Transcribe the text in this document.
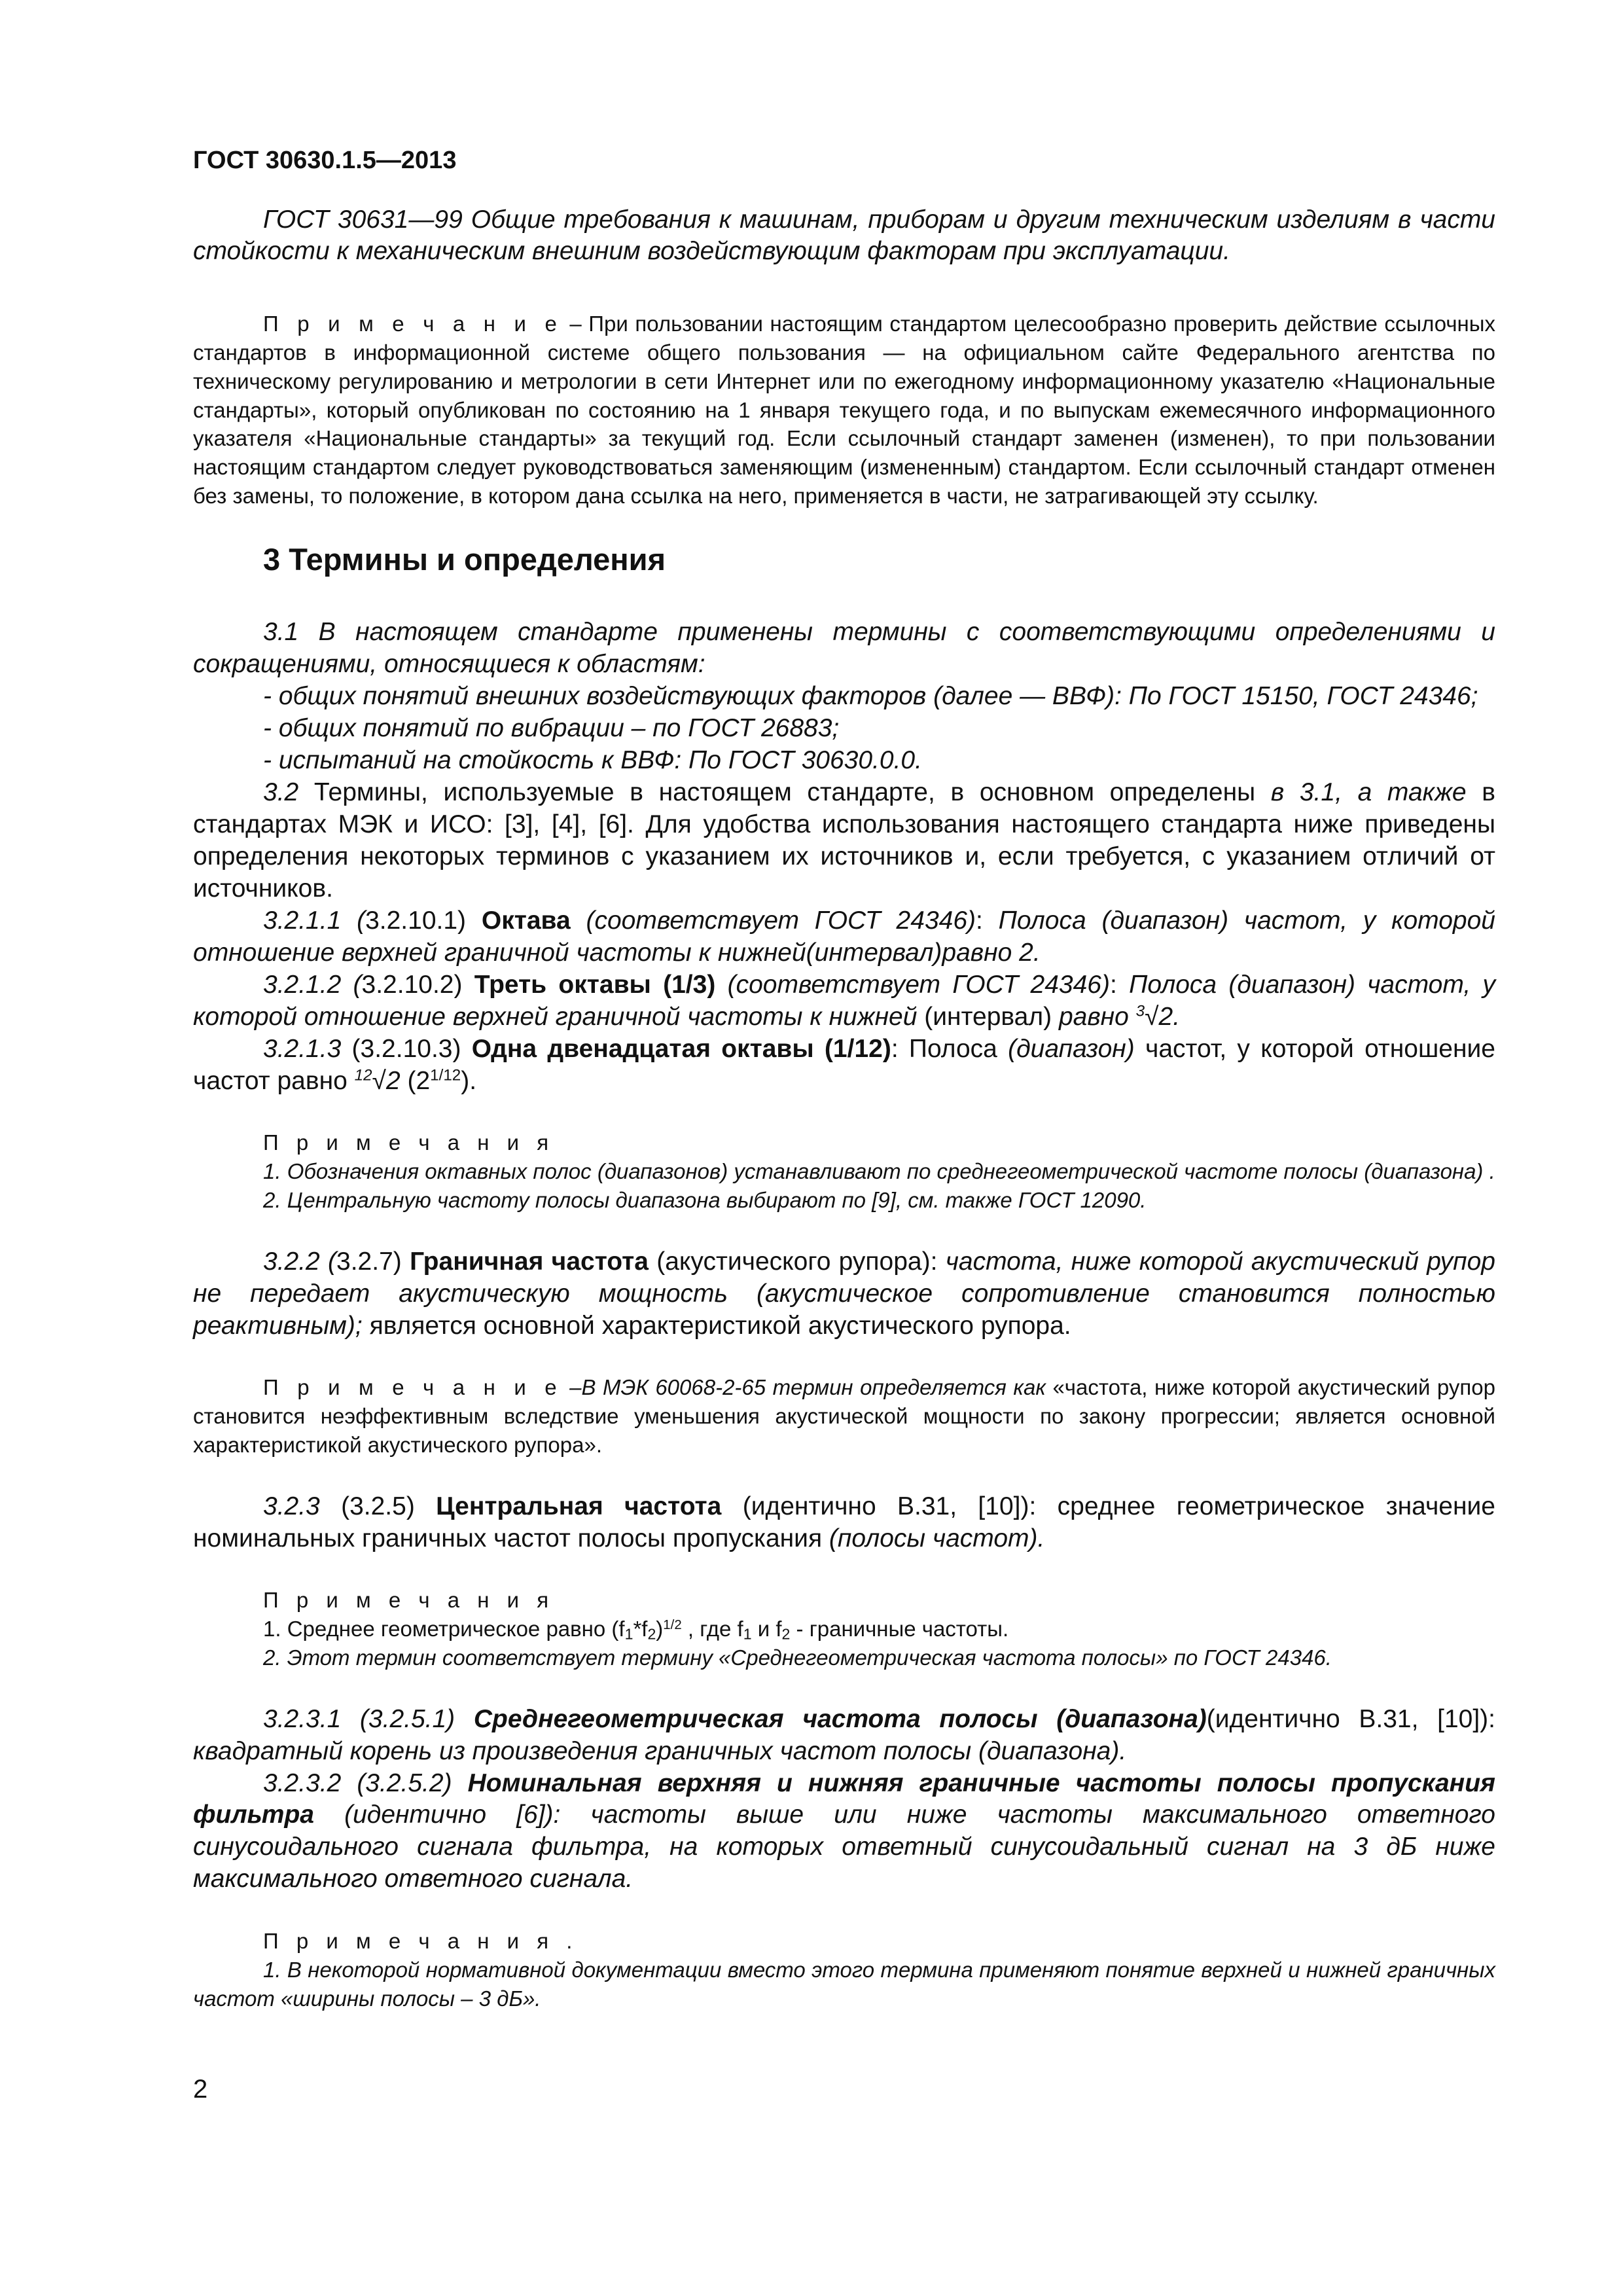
ГОСТ 30630.1.5—2013

ГОСТ 30631—99 Общие требования к машинам, приборам и другим техническим изделиям в части стойкости к механическим внешним воздействующим факторам при эксплуатации.

П р и м е ч а н и е – При пользовании настоящим стандартом целесообразно проверить действие ссылочных стандартов в информационной системе общего пользования — на официальном сайте Федерального агентства по техническому регулированию и метрологии в сети Интернет или по ежегодному информационному указателю «Национальные стандарты», который опубликован по состоянию на 1 января текущего года, и по выпускам ежемесячного информационного указателя «Национальные стандарты» за текущий год. Если ссылочный стандарт заменен (изменен), то при пользовании настоящим стандартом следует руководствоваться заменяющим (измененным) стандартом. Если ссылочный стандарт отменен без замены, то положение, в котором дана ссылка на него, применяется в части, не затрагивающей эту ссылку.

3 Термины и определения

3.1 В настоящем стандарте применены термины с соответствующими определениями и сокращениями, относящиеся к областям:

- общих понятий внешних воздействующих факторов (далее — ВВФ): По ГОСТ 15150, ГОСТ 24346;

- общих понятий по вибрации – по ГОСТ 26883;

- испытаний на стойкость к ВВФ: По ГОСТ 30630.0.0.

3.2 Термины, используемые в настоящем стандарте, в основном определены в 3.1, а также в стандартах МЭК и ИСО: [3], [4], [6]. Для удобства использования настоящего стандарта ниже приведены определения некоторых терминов с указанием их источников и, если требуется, с указанием отличий от источников.

3.2.1.1 (3.2.10.1) Октава (соответствует ГОСТ 24346): Полоса (диапазон) частот, у которой отношение верхней граничной частоты к нижней(интервал)равно 2.

3.2.1.2 (3.2.10.2) Треть октавы (1/3) (соответствует ГОСТ 24346): Полоса (диапазон) частот, у которой отношение верхней граничной частоты к нижней (интервал) равно $^3$√2.

3.2.1.3 (3.2.10.3) Одна двенадцатая октавы (1/12): Полоса (диапазон) частот, у которой отношение частот равно $^{12}$√2 $(2^{1/12})$.

П р и м е ч а н и я

1. Обозначения октавных полос (диапазонов) устанавливают по среднегеометрической частоте полосы (диапазона) .

2. Центральную частоту полосы диапазона выбирают по [9], см. также ГОСТ 12090.

3.2.2 (3.2.7) Граничная частота (акустического рупора): частота, ниже которой акустический рупор не передает акустическую мощность (акустическое сопротивление становится полностью реактивным); является основной характеристикой акустического рупора.

П р и м е ч а н и е –В МЭК 60068-2-65 термин определяется как «частота, ниже которой акустический рупор становится неэффективным вследствие уменьшения акустической мощности по закону прогрессии; является основной характеристикой акустического рупора».

3.2.3 (3.2.5) Центральная частота (идентично B.31, [10]): среднее геометрическое значение номинальных граничных частот полосы пропускания (полосы частот).

П р и м е ч а н и я

1. Среднее геометрическое равно $(f_1*f_2)^{1/2}$ , где $f_1$ и $f_2$ - граничные частоты.

2. Этот термин соответствует термину «Среднегеометрическая частота полосы» по ГОСТ 24346.

3.2.3.1 (3.2.5.1) Среднегеометрическая частота полосы (диапазона)(идентично B.31, [10]): квадратный корень из произведения граничных частот полосы (диапазона).

3.2.3.2 (3.2.5.2) Номинальная верхняя и нижняя граничные частоты полосы пропускания фильтра (идентично [6]): частоты выше или ниже частоты максимального ответного синусоидального сигнала фильтра, на которых ответный синусоидальный сигнал на 3 дБ ниже максимального ответного сигнала.

П р и м е ч а н и я .

1. В некоторой нормативной документации вместо этого термина применяют понятие верхней и нижней граничных частот «ширины полосы – 3 дБ».

2
